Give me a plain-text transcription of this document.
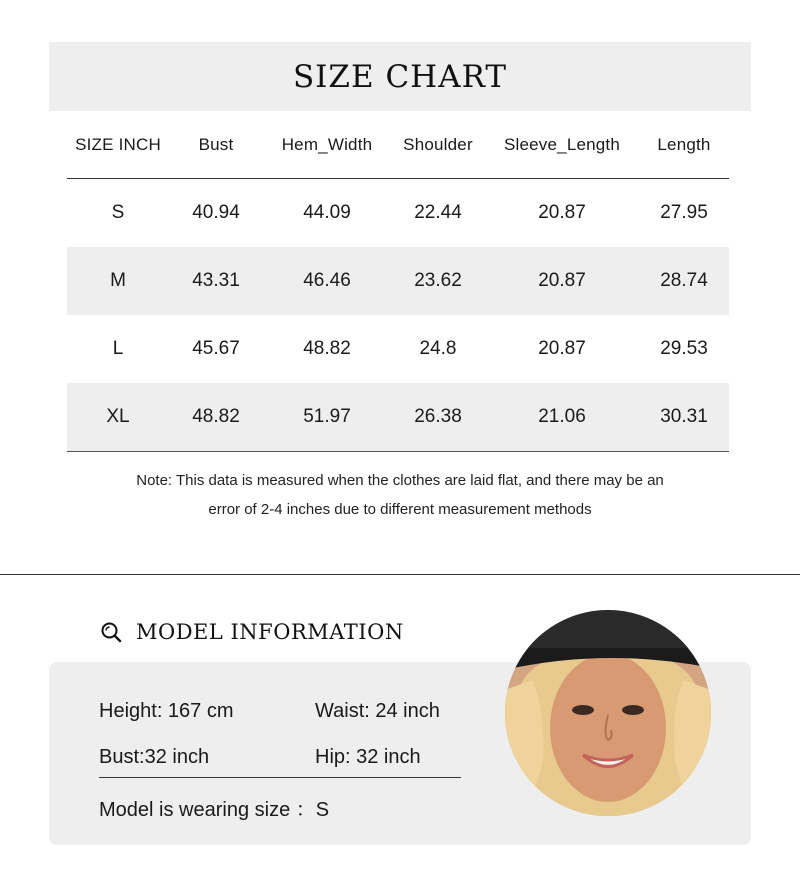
SIZE CHART
SIZE INCH	Bust	Hem_Width	Shoulder	Sleeve_Length	Length
S	40.94	44.09	22.44	20.87	27.95
M	43.31	46.46	23.62	20.87	28.74
L	45.67	48.82	24.8	20.87	29.53
XL	48.82	51.97	26.38	21.06	30.31
Note: This data is measured when the clothes are laid flat, and there may be an
error of 2-4 inches due to different measurement methods
MODEL INFORMATION
Height: 167 cm	Waist: 24 inch
Bust:32 inch	Hip: 32 inch
Model is wearing size ：S
